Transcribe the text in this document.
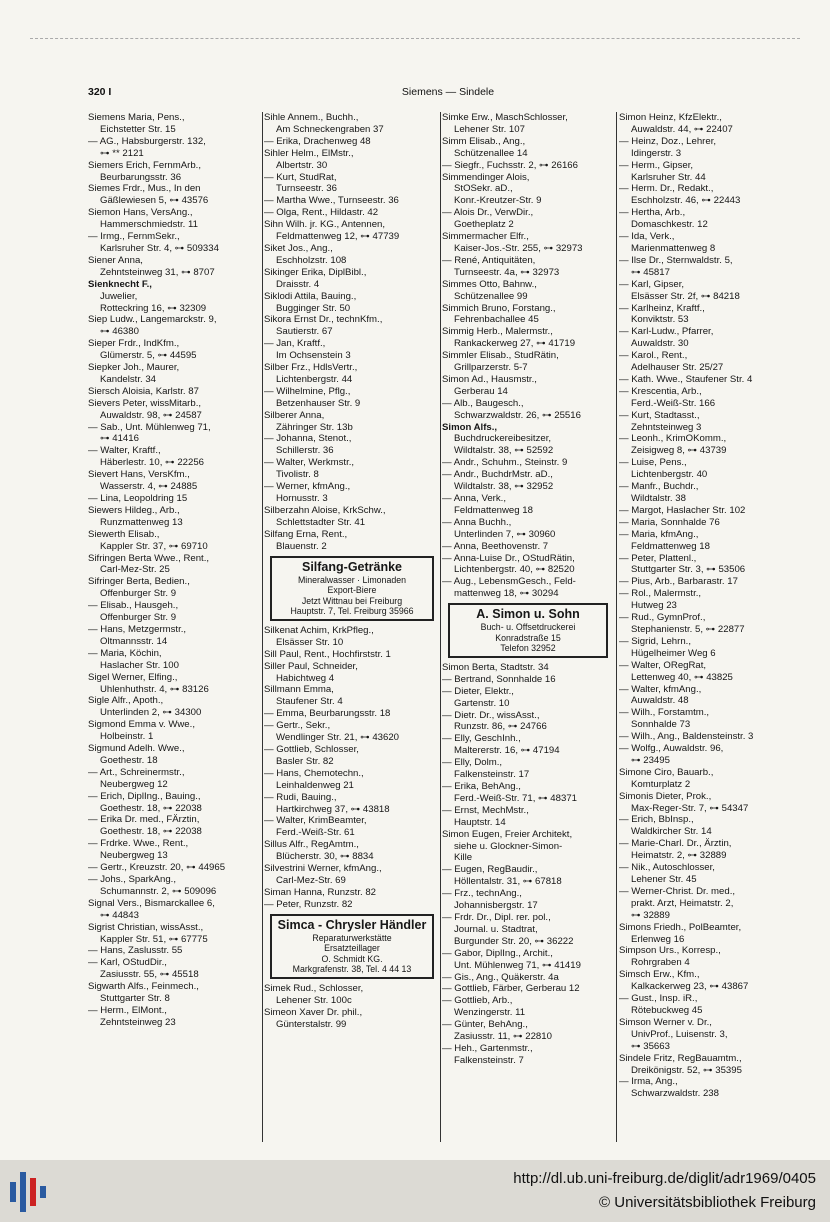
320 I	Siemens — Sindele
Siemens Maria, Pens.,
Eichstetter Str. 15
— AG., Habsburgerstr. 132,
⊶ ** 2121
Siemers Erich, FernmArb.,
Beurbarungsstr. 36
Siemes Frdr., Mus., In den
Gäßlewiesen 5, ⊶ 43576
Siemon Hans, VersAng.,
Hammerschmiedstr. 11
— Irmg., FernmSekr.,
Karlsruher Str. 4, ⊶ 509334
Siener Anna,
Zehntsteinweg 31, ⊶ 8707
Sienknecht F.,
Juwelier,
Rotteckring 16, ⊶ 32309
Siep Ludw., Langemarckstr. 9,
⊶ 46380
Sieper Frdr., IndKfm.,
Glümerstr. 5, ⊶ 44595
Siepker Joh., Maurer,
Kandelstr. 34
Siersch Aloisia, Karlstr. 87
Sievers Peter, wissMitarb.,
Auwaldstr. 98, ⊶ 24587
— Sab., Unt. Mühlenweg 71,
⊶ 41416
— Walter, Kraftf.,
Häberlestr. 10, ⊶ 22256
Sievert Hans, VersKfm.,
Wasserstr. 4, ⊶ 24885
— Lina, Leopoldring 15
Siewers Hildeg., Arb.,
Runzmattenweg 13
Siewerth Elisab.,
Kappler Str. 37, ⊶ 69710
Sifringen Berta Wwe., Rent.,
Carl-Mez-Str. 25
Sifringer Berta, Bedien.,
Offenburger Str. 9
— Elisab., Hausgeh.,
Offenburger Str. 9
— Hans, Metzgermstr.,
Oltmannsstr. 14
— Maria, Köchin,
Haslacher Str. 100
Sigel Werner, Elfing.,
Uhlenhuthstr. 4, ⊶ 83126
Sigle Alfr., Apoth.,
Unterlinden 2, ⊶ 34300
Sigmond Emma v. Wwe.,
Holbeinstr. 1
Sigmund Adelh. Wwe.,
Goethestr. 18
— Art., Schreinermstr.,
Neubergweg 12
— Erich, DiplIng., Bauing.,
Goethestr. 18, ⊶ 22038
— Erika Dr. med., FÄrztin,
Goethestr. 18, ⊶ 22038
— Frdrke. Wwe., Rent.,
Neubergweg 13
— Gertr., Kreuzstr. 20, ⊶ 44965
— Johs., SparkAng.,
Schumannstr. 2, ⊶ 509096
Signal Vers., Bismarckallee 6,
⊶ 44843
Sigrist Christian, wissAsst.,
Kappler Str. 51, ⊶ 67775
— Hans, Zaslusstr. 55
— Karl, OStudDir.,
Zasiusstr. 55, ⊶ 45518
Sigwarth Alfs., Feinmech.,
Stuttgarter Str. 8
— Herm., ElMont.,
Zehntsteinweg 23
Sihle Annem., Buchh.,
Am Schneckengraben 37
— Erika, Drachenweg 48
Sihler Helm., ElMstr.,
Albertstr. 30
— Kurt, StudRat,
Turnseestr. 36
— Martha Wwe., Turnseestr. 36
— Olga, Rent., Hildastr. 42
Sihn Wilh. jr. KG., Antennen,
Feldmattenweg 12, ⊶ 47739
Siket Jos., Ang.,
Eschholzstr. 108
Sikinger Erika, DiplBibl.,
Draisstr. 4
Siklodi Attila, Bauing.,
Bugginger Str. 50
Sikora Ernst Dr., technKfm.,
Sautierstr. 67
— Jan, Kraftf.,
Im Ochsenstein 3
Silber Frz., HdlsVertr.,
Lichtenbergstr. 44
— Wilhelmine, Pflg.,
Betzenhauser Str. 9
Silberer Anna,
Zähringer Str. 13b
— Johanna, Stenot.,
Schillerstr. 36
— Walter, Werkmstr.,
Tivolistr. 8
— Werner, kfmAng.,
Hornusstr. 3
Silberzahn Aloise, KrkSchw.,
Schlettstadter Str. 41
Silfang Erna, Rent.,
Blauenstr. 2
Silfang-Getränke
Mineralwasser · Limonaden
Export-Biere
Jetzt Wittnau bei Freiburg
Hauptstr. 7, Tel. Freiburg 35966
Silkenat Achim, KrkPfleg.,
Elsässer Str. 10
Sill Paul, Rent., Hochfirststr. 1
Siller Paul, Schneider,
Habichtweg 4
Sillmann Emma,
Staufener Str. 4
— Emma, Beurbarungsstr. 18
— Gertr., Sekr.,
Wendlinger Str. 21, ⊶ 43620
— Gottlieb, Schlosser,
Basler Str. 82
— Hans, Chemotechn.,
Leinhaldenweg 21
— Rudi, Bauing.,
Hartkirchweg 37, ⊶ 43818
— Walter, KrimBeamter,
Ferd.-Weiß-Str. 61
Sillus Alfr., RegAmtm.,
Blücherstr. 30, ⊶ 8834
Silvestrini Werner, kfmAng.,
Carl-Mez-Str. 69
Siman Hanna, Runzstr. 82
— Peter, Runzstr. 82
Simca - Chrysler Händler
Reparaturwerkstätte
Ersatzteillager
O. Schmidt KG.
Markgrafenstr. 38, Tel. 4 44 13
Simek Rud., Schlosser,
Lehener Str. 100c
Simeon Xaver Dr. phil.,
Günterstalstr. 99
Simke Erw., MaschSchlosser,
Lehener Str. 107
Simm Elisab., Ang.,
Schützenallee 14
— Siegfr., Fuchsstr. 2, ⊶ 26166
Simmendinger Alois,
StOSekr. aD.,
Konr.-Kreutzer-Str. 9
— Alois Dr., VerwDir.,
Goetheplatz 2
Simmermacher Elfr.,
Kaiser-Jos.-Str. 255, ⊶ 32973
— René, Antiquitäten,
Turnseestr. 4a, ⊶ 32973
Simmes Otto, Bahnw.,
Schützenallee 99
Simmich Bruno, Forstang.,
Fehrenbachallee 45
Simmig Herb., Malermstr.,
Rankackerweg 27, ⊶ 41719
Simmler Elisab., StudRätin,
Grillparzerstr. 5-7
Simon Ad., Hausmstr.,
Gerberau 14
— Alb., Baugesch.,
Schwarzwaldstr. 26, ⊶ 25516
Simon Alfs.,
Buchdruckereibesitzer,
Wildtalstr. 38, ⊶ 52592
— Andr., Schuhm., Steinstr. 9
— Andr., BuchdrMstr. aD.,
Wildtalstr. 38, ⊶ 32952
— Anna, Verk.,
Feldmattenweg 18
— Anna Buchh.,
Unterlinden 7, ⊶ 30960
— Anna, Beethovenstr. 7
— Anna-Luise Dr., OStudRätin,
Lichtenbergstr. 40, ⊶ 82520
— Aug., LebensmGesch., Feld-
mattenweg 18, ⊶ 30294
A. Simon u. Sohn
Buch- u. Offsetdruckerei
Konradstraße 15
Telefon 32952
Simon Berta, Stadtstr. 34
— Bertrand, Sonnhalde 16
— Dieter, Elektr.,
Gartenstr. 10
— Dietr. Dr., wissAsst.,
Runzstr. 86, ⊶ 24766
— Elly, GeschInh.,
Maltererstr. 16, ⊶ 47194
— Elly, Dolm.,
Falkensteinstr. 17
— Erika, BehAng.,
Ferd.-Weiß-Str. 71, ⊶ 48371
— Ernst, MechMstr.,
Hauptstr. 14
Simon Eugen, Freier Architekt,
siehe u. Glockner-Simon-
Kille
— Eugen, RegBaudir.,
Höllentalstr. 31, ⊶ 67818
— Frz., technAng.,
Johannisbergstr. 17
— Frdr. Dr., Dipl. rer. pol.,
Journal. u. Stadtrat,
Burgunder Str. 20, ⊶ 36222
— Gabor, DiplIng., Archit.,
Unt. Mühlenweg 71, ⊶ 41419
— Gis., Ang., Quäkerstr. 4a
— Gottlieb, Färber, Gerberau 12
— Gottlieb, Arb.,
Wenzingerstr. 11
— Günter, BehAng.,
Zasiusstr. 11, ⊶ 22810
— Heh., Gartenmstr.,
Falkensteinstr. 7
Simon Heinz, KfzElektr.,
Auwaldstr. 44, ⊶ 22407
— Heinz, Doz., Lehrer,
Idingerstr. 3
— Herm., Gipser,
Karlsruher Str. 44
— Herm. Dr., Redakt.,
Eschholzstr. 46, ⊶ 22443
— Hertha, Arb.,
Domaschkestr. 12
— Ida, Verk.,
Marienmattenweg 8
— Ilse Dr., Sternwaldstr. 5,
⊶ 45817
— Karl, Gipser,
Elsässer Str. 2f, ⊶ 84218
— Karlheinz, Kraftf.,
Konviktstr. 53
— Karl-Ludw., Pfarrer,
Auwaldstr. 30
— Karol., Rent.,
Adelhauser Str. 25/27
— Kath. Wwe., Staufener Str. 4
— Krescentia, Arb.,
Ferd.-Weiß-Str. 166
— Kurt, Stadtasst.,
Zehntsteinweg 3
— Leonh., KrimOKomm.,
Zeisigweg 8, ⊶ 43739
— Luise, Pens.,
Lichtenbergstr. 40
— Manfr., Buchdr.,
Wildtalstr. 38
— Margot, Haslacher Str. 102
— Maria, Sonnhalde 76
— Maria, kfmAng.,
Feldmattenweg 18
— Peter, Plattenl.,
Stuttgarter Str. 3, ⊶ 53506
— Pius, Arb., Barbarastr. 17
— Rol., Malermstr.,
Hutweg 23
— Rud., GymnProf.,
Stephanienstr. 5, ⊶ 22877
— Sigrid, Lehrn.,
Hügelheimer Weg 6
— Walter, ORegRat,
Lettenweg 40, ⊶ 43825
— Walter, kfmAng.,
Auwaldstr. 48
— Wilh., Forstamtm.,
Sonnhalde 73
— Wilh., Ang., Baldensteinstr. 3
— Wolfg., Auwaldstr. 96,
⊶ 23495
Simone Ciro, Bauarb.,
Komturplatz 2
Simonis Dieter, Prok.,
Max-Reger-Str. 7, ⊶ 54347
— Erich, BbInsp.,
Waldkircher Str. 14
— Marie-Charl. Dr., Ärztin,
Heimatstr. 2, ⊶ 32889
— Nik., Autoschlosser,
Lehener Str. 45
— Werner-Christ. Dr. med.,
prakt. Arzt, Heimatstr. 2,
⊶ 32889
Simons Friedh., PolBeamter,
Erlenweg 16
Simpson Urs., Korresp.,
Rohrgraben 4
Simsch Erw., Kfm.,
Kalkackerweg 23, ⊶ 43867
— Gust., Insp. iR.,
Rötebuckweg 45
Simson Werner v. Dr.,
UnivProf., Luisenstr. 3,
⊶ 35663
Sindele Fritz, RegBauamtm.,
Dreikönigstr. 52, ⊶ 35395
— Irma, Ang.,
Schwarzwaldstr. 238
http://dl.ub.uni-freiburg.de/diglit/adr1969/0405
© Universitätsbibliothek Freiburg
